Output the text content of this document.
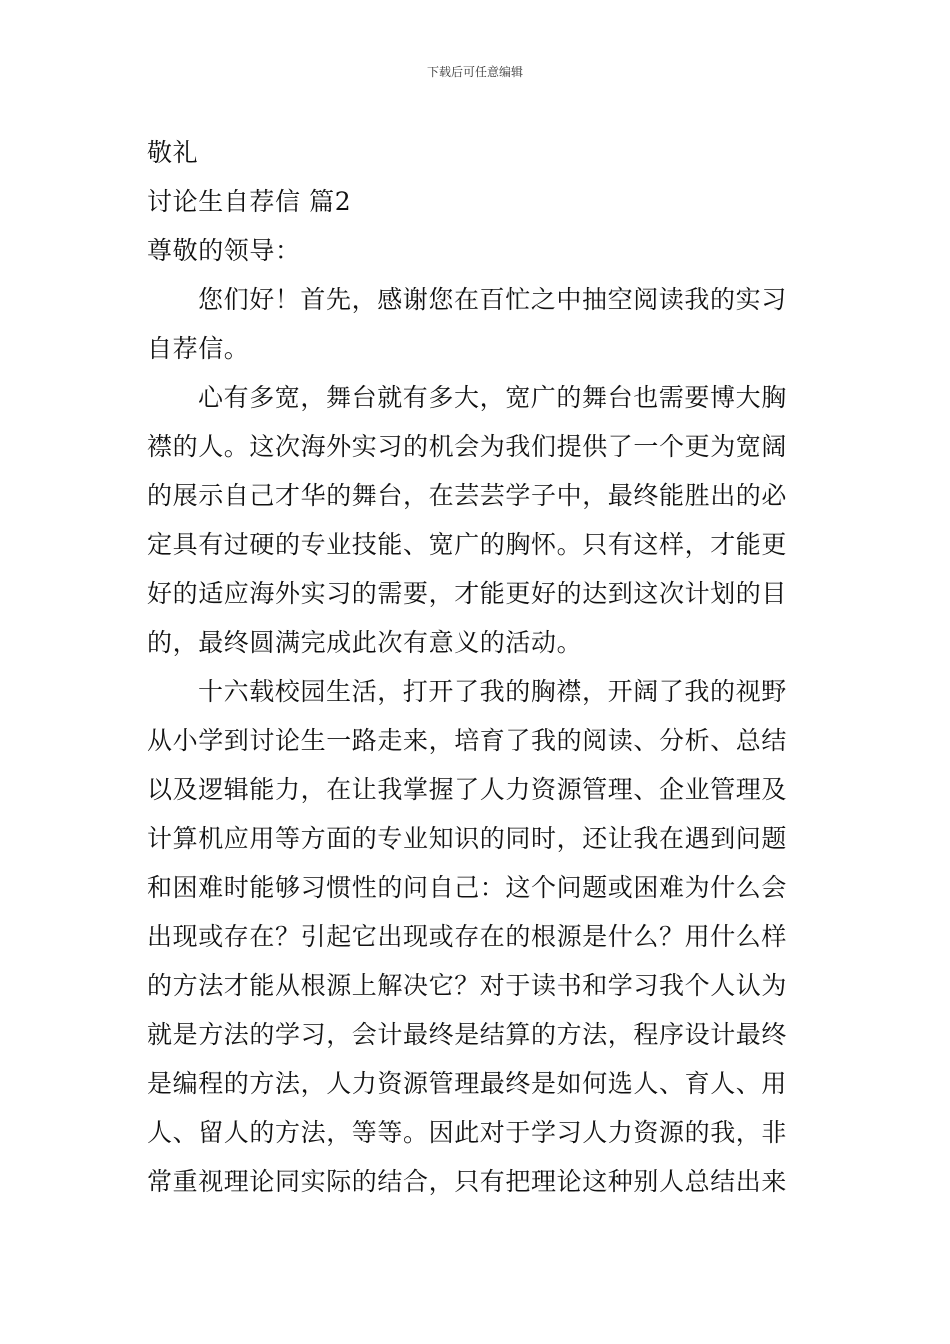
下载后可任意编辑
敬礼
讨论生自荐信 篇2
尊敬的领导：
您们好！首先，感谢您在百忙之中抽空阅读我的实习
自荐信。
心有多宽，舞台就有多大，宽广的舞台也需要博大胸
襟的人。这次海外实习的机会为我们提供了一个更为宽阔
的展示自己才华的舞台，在芸芸学子中，最终能胜出的必
定具有过硬的专业技能、宽广的胸怀。只有这样，才能更
好的适应海外实习的需要，才能更好的达到这次计划的目
的，最终圆满完成此次有意义的活动。
十六载校园生活，打开了我的胸襟，开阔了我的视野
从小学到讨论生一路走来，培育了我的阅读、分析、总结
以及逻辑能力，在让我掌握了人力资源管理、企业管理及
计算机应用等方面的专业知识的同时，还让我在遇到问题
和困难时能够习惯性的问自己：这个问题或困难为什么会
出现或存在？引起它出现或存在的根源是什么？用什么样
的方法才能从根源上解决它？对于读书和学习我个人认为
就是方法的学习，会计最终是结算的方法，程序设计最终
是编程的方法，人力资源管理最终是如何选人、育人、用
人、留人的方法，等等。因此对于学习人力资源的我，非
常重视理论同实际的结合，只有把理论这种别人总结出来
